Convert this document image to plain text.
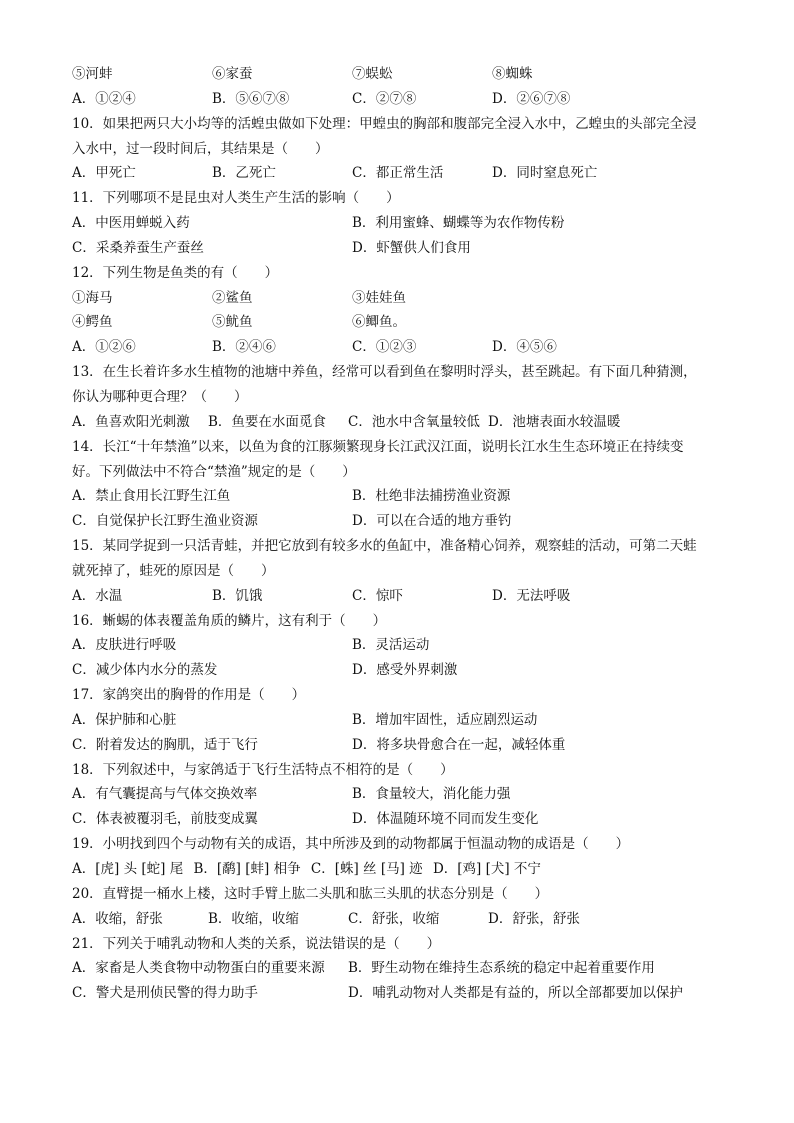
⑤河蚌	⑥家蚕	⑦蜈蚣	⑧蜘蛛
A．①②④	B．⑤⑥⑦⑧	C．②⑦⑧	D．②⑥⑦⑧
10．如果把两只大小均等的活蝗虫做如下处理：甲蝗虫的胸部和腹部完全浸入水中，乙蝗虫的头部完全浸
入水中，过一段时间后，其结果是（　　）
A．甲死亡	B．乙死亡	C．都正常生活	D．同时窒息死亡
11．下列哪项不是昆虫对人类生产生活的影响（　　）
A．中医用蝉蜕入药	B．利用蜜蜂、蝴蝶等为农作物传粉
C．采桑养蚕生产蚕丝	D．虾蟹供人们食用
12．下列生物是鱼类的有（　　）
①海马	②鲨鱼	③娃娃鱼
④鳄鱼	⑤鱿鱼	⑥鲫鱼。
A．①②⑥	B．②④⑥	C．①②③	D．④⑤⑥
13．在生长着许多水生植物的池塘中养鱼，经常可以看到鱼在黎明时浮头，甚至跳起。有下面几种猜测，
你认为哪种更合理？（　　）
A．鱼喜欢阳光刺激 B．鱼要在水面觅食 C．池水中含氧量较低 D．池塘表面水较温暖
14．长江“十年禁渔”以来，以鱼为食的江豚频繁现身长江武汉江面，说明长江水生生态环境正在持续变
好。下列做法中不符合“禁渔”规定的是（　　）
A．禁止食用长江野生江鱼	B．杜绝非法捕捞渔业资源
C．自觉保护长江野生渔业资源	D．可以在合适的地方垂钓
15．某同学捉到一只活青蛙，并把它放到有较多水的鱼缸中，准备精心饲养，观察蛙的活动，可第二天蛙
就死掉了，蛙死的原因是（　　）
A．水温	B．饥饿	C．惊吓	D．无法呼吸
16．蜥蜴的体表覆盖角质的鳞片，这有利于（　　）
A．皮肤进行呼吸	B．灵活运动
C．减少体内水分的蒸发	D．感受外界刺激
17．家鸽突出的胸骨的作用是（　　）
A．保护肺和心脏	B．增加牢固性，适应剧烈运动
C．附着发达的胸肌，适于飞行	D．将多块骨愈合在一起，减轻体重
18．下列叙述中，与家鸽适于飞行生活特点不相符的是（　　）
A．有气囊提高与气体交换效率	B．食量较大，消化能力强
C．体表被覆羽毛，前肢变成翼	D．体温随环境不同而发生变化
19．小明找到四个与动物有关的成语，其中所涉及到的动物都属于恒温动物的成语是（　　）
A．[虎] 头 [蛇] 尾 B．[鹬] [蚌] 相争 C．[蛛] 丝 [马] 迹 D．[鸡] [犬] 不宁
20．直臂提一桶水上楼，这时手臂上肱二头肌和肱三头肌的状态分别是（　　）
A．收缩，舒张	B．收缩，收缩	C．舒张，收缩	D．舒张，舒张
21．下列关于哺乳动物和人类的关系，说法错误的是（　　）
A．家畜是人类食物中动物蛋白的重要来源 B．野生动物在维持生态系统的稳定中起着重要作用
C．警犬是刑侦民警的得力助手	D．哺乳动物对人类都是有益的，所以全部都要加以保护
